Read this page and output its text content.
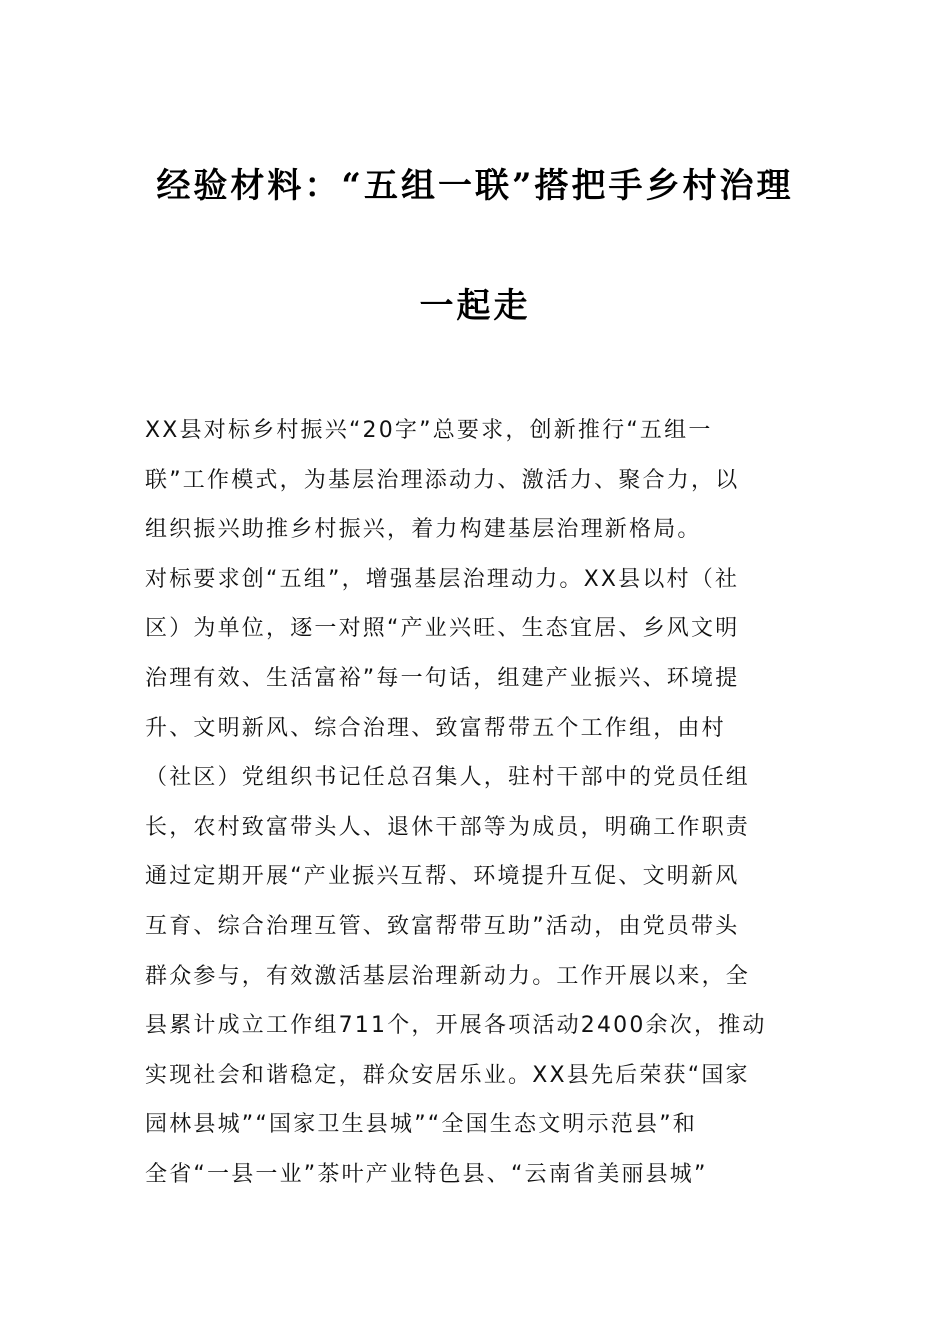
经验材料：“五组一联”搭把手乡村治理
一起走
XX县对标乡村振兴“20字”总要求，创新推行“五组一
联”工作模式，为基层治理添动力、激活力、聚合力，以
组织振兴助推乡村振兴，着力构建基层治理新格局。
对标要求创“五组”，增强基层治理动力。XX县以村（社
区）为单位，逐一对照“产业兴旺、生态宜居、乡风文明
治理有效、生活富裕”每一句话，组建产业振兴、环境提
升、文明新风、综合治理、致富帮带五个工作组，由村
（社区）党组织书记任总召集人，驻村干部中的党员任组
长，农村致富带头人、退休干部等为成员，明确工作职责
通过定期开展“产业振兴互帮、环境提升互促、文明新风
互育、综合治理互管、致富帮带互助”活动，由党员带头
群众参与，有效激活基层治理新动力。工作开展以来，全
县累计成立工作组711个，开展各项活动2400余次，推动
实现社会和谐稳定，群众安居乐业。XX县先后荣获“国家
园林县城”“国家卫生县城”“全国生态文明示范县”和
全省“一县一业”茶叶产业特色县、“云南省美丽县城”
